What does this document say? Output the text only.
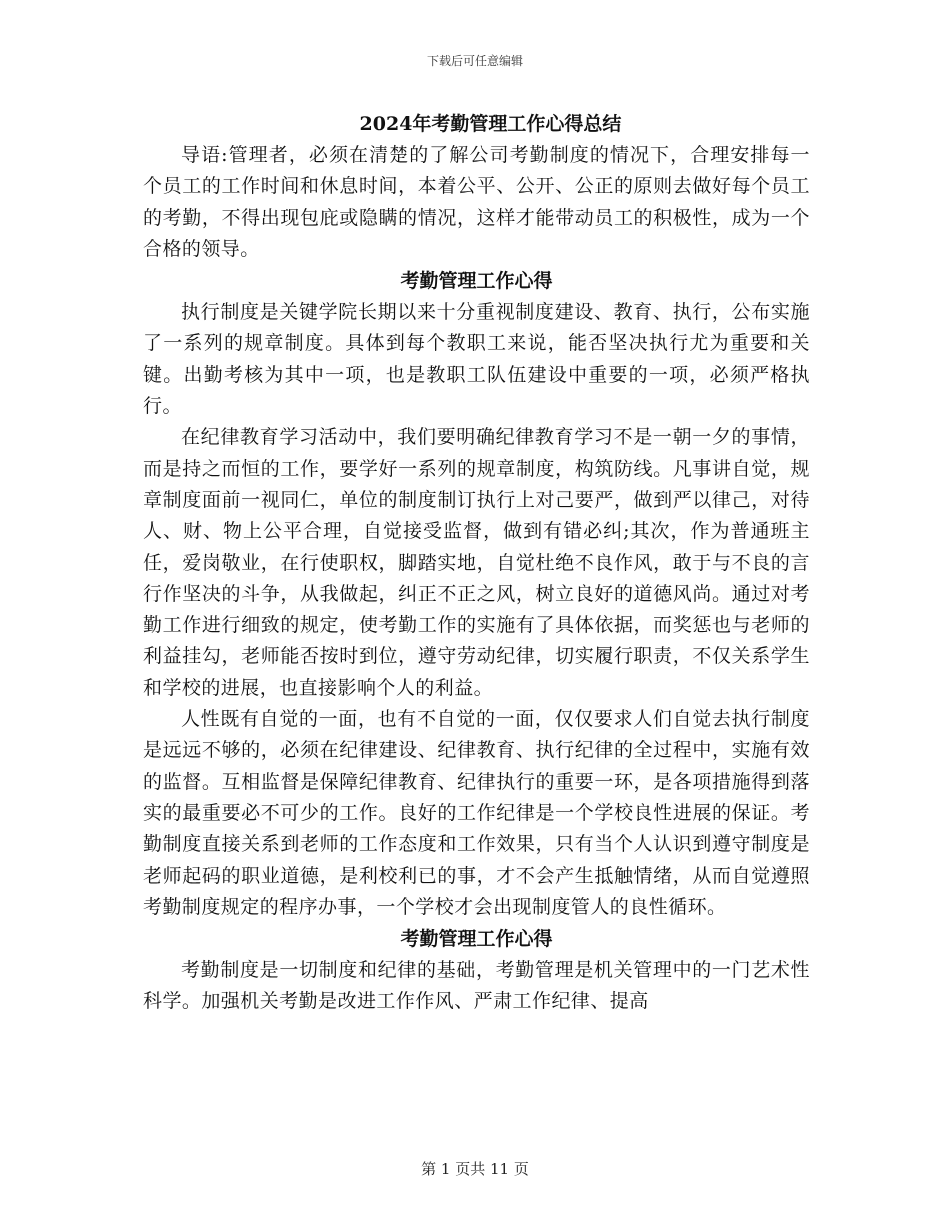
下载后可任意编辑
2024年考勤管理工作心得总结

导语:管理者，必须在清楚的了解公司考勤制度的情况下，合理安排每一个员工的工作时间和休息时间，本着公平、公开、公正的原则去做好每个员工的考勤，不得出现包庇或隐瞒的情况，这样才能带动员工的积极性，成为一个合格的领导。

考勤管理工作心得

执行制度是关键学院长期以来十分重视制度建设、教育、执行，公布实施了一系列的规章制度。具体到每个教职工来说，能否坚决执行尤为重要和关键。出勤考核为其中一项，也是教职工队伍建设中重要的一项，必须严格执行。

在纪律教育学习活动中，我们要明确纪律教育学习不是一朝一夕的事情，而是持之而恒的工作，要学好一系列的规章制度，构筑防线。凡事讲自觉，规章制度面前一视同仁，单位的制度制订执行上对己要严，做到严以律己，对待人、财、物上公平合理，自觉接受监督，做到有错必纠;其次，作为普通班主任，爱岗敬业，在行使职权，脚踏实地，自觉杜绝不良作风，敢于与不良的言行作坚决的斗争，从我做起，纠正不正之风，树立良好的道德风尚。通过对考勤工作进行细致的规定，使考勤工作的实施有了具体依据，而奖惩也与老师的利益挂勾，老师能否按时到位，遵守劳动纪律，切实履行职责，不仅关系学生和学校的进展，也直接影响个人的利益。

人性既有自觉的一面，也有不自觉的一面，仅仅要求人们自觉去执行制度是远远不够的，必须在纪律建设、纪律教育、执行纪律的全过程中，实施有效的监督。互相监督是保障纪律教育、纪律执行的重要一环，是各项措施得到落实的最重要必不可少的工作。良好的工作纪律是一个学校良性进展的保证。考勤制度直接关系到老师的工作态度和工作效果，只有当个人认识到遵守制度是老师起码的职业道德，是利校利已的事，才不会产生抵触情绪，从而自觉遵照考勤制度规定的程序办事，一个学校才会出现制度管人的良性循环。

考勤管理工作心得

考勤制度是一切制度和纪律的基础，考勤管理是机关管理中的一门艺术性科学。加强机关考勤是改进工作作风、严肃工作纪律、提高

第 1 页共 11 页
